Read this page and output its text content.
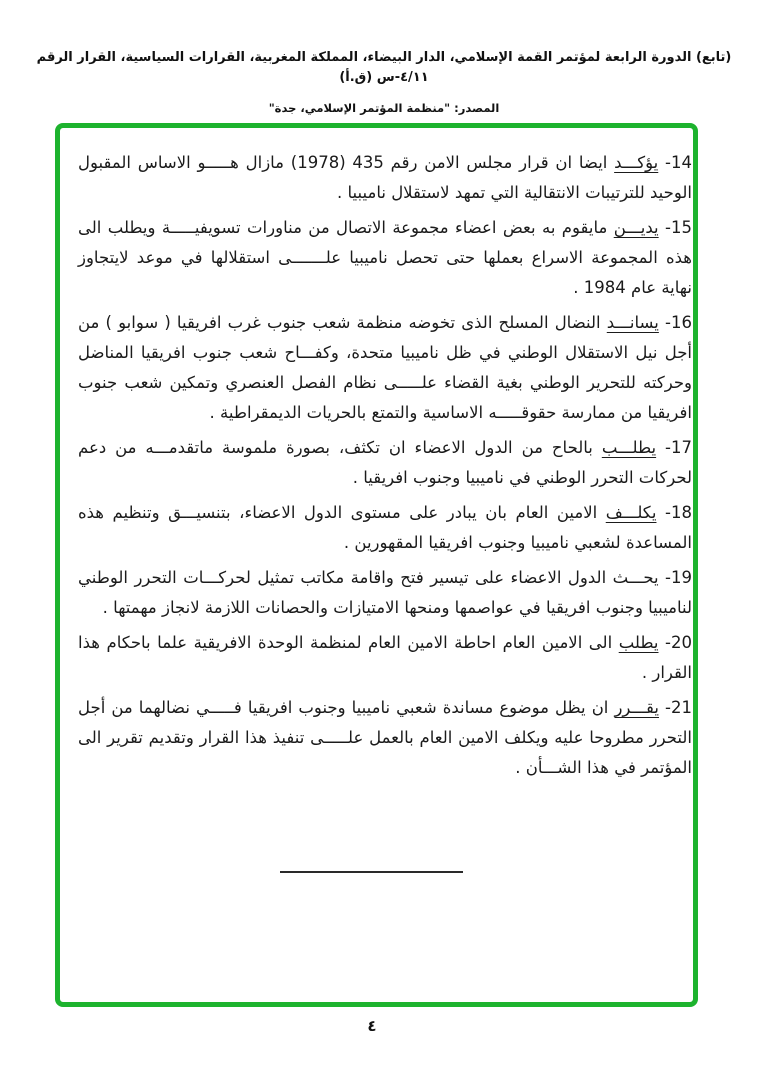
(تابع) الدورة الرابعة لمؤتمر القمة الإسلامي، الدار البيضاء، المملكة المغربية، القرارات السياسية، القرار الرقم ٤/١١-س (ق.أ)
المصدر: "منظمة المؤتمر الإسلامي، جدة"

14- يؤكـــد ايضا ان قرار مجلس الامن رقم 435 (1978) مازال هـــــو الاساس المقبول الوحيد للترتيبات الانتقالية التي تمهد لاستقلال ناميبيا .

15- يديـــن مايقوم به بعض اعضاء مجموعة الاتصال من مناورات تسويفيـــــة ويطلب الى هذه المجموعة الاسراع بعملها حتى تحصل ناميبيا علـــــــى استقلالها في موعد لايتجاوز نهاية عام 1984 .

16- يسانـــد النضال المسلح الذى تخوضه منظمة شعب جنوب غرب افريقيا ( سوابو ) من أجل نيل الاستقلال الوطني في ظل ناميبيا متحدة، وكفـــاح شعب جنوب افريقيا المناضل وحركته للتحرير الوطني بغية القضاء علـــــى نظام الفصل العنصري وتمكين شعب جنوب افريقيا من ممارسة حقوقـــــه الاساسية والتمتع بالحريات الديمقراطية .

17- يطلـــب بالحاح من الدول الاعضاء ان تكثف، بصورة ملموسة ماتقدمـــه من دعم لحركات التحرر الوطني في ناميبيا وجنوب افريقيا .

18- يكلـــف الامين العام بان يبادر على مستوى الدول الاعضاء، بتنسيـــق وتنظيم هذه المساعدة لشعبي ناميبيا وجنوب افريقيا المقهورين .

19- يحـــث الدول الاعضاء على تيسير فتح واقامة مكاتب تمثيل لحركـــات التحرر الوطني لناميبيا وجنوب افريقيا في عواصمها ومنحها الامتيازات والحصانات اللازمة لانجاز مهمتها .

20- يطلب الى الامين العام احاطة الامين العام لمنظمة الوحدة الافريقية علما باحكام هذا القرار .

21- يقـــرر ان يظل موضوع مساندة شعبي ناميبيا وجنوب افريقيا فـــــي نضالهما من أجل التحرر مطروحا عليه ويكلف الامين العام بالعمل علـــــى تنفيذ هذا القرار وتقديم تقرير الى المؤتمر في هذا الشـــأن .

٤
